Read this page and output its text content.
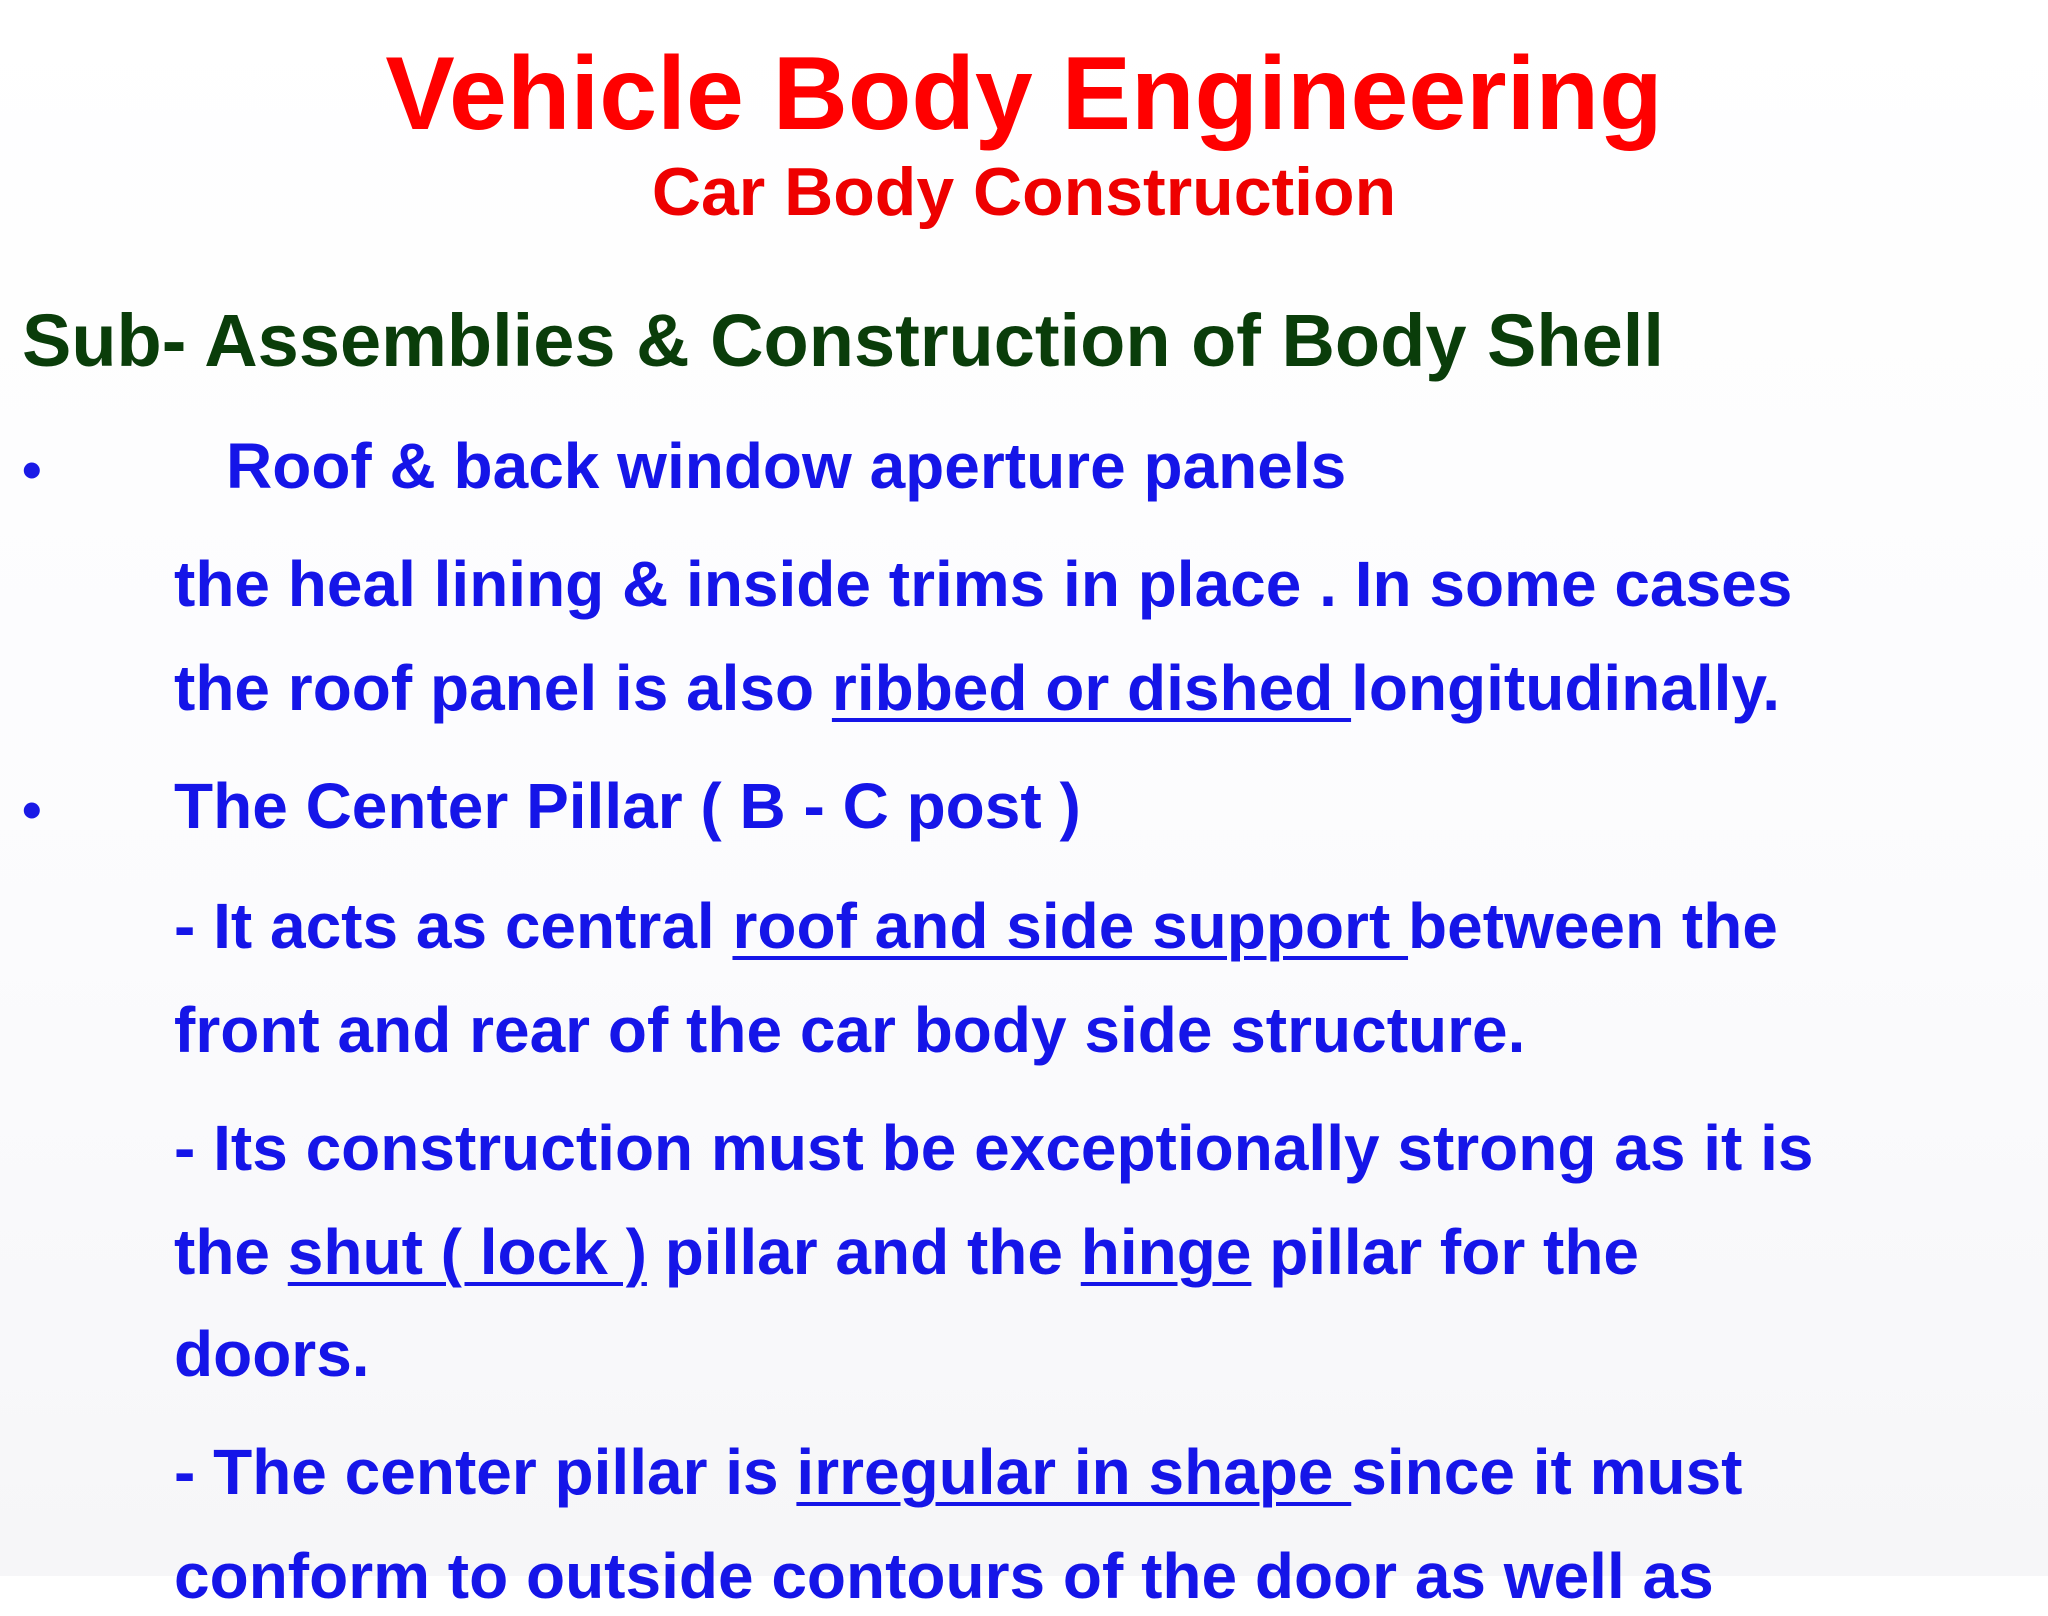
Vehicle Body Engineering
Car Body Construction
Sub- Assemblies & Construction of Body Shell
•	Roof & back window aperture panels

the heal lining & inside trims in place . In some cases

the roof panel is also ribbed or dished longitudinally.

• The Center Pillar ( B - C post )

- It acts as central roof and side support between the

front and rear of the car body side structure.

- Its construction must be exceptionally strong as it is

the shut ( lock ) pillar and the hinge pillar for the

doors.

- The center pillar is irregular in shape since it must

conform to outside contours of the door as well as
